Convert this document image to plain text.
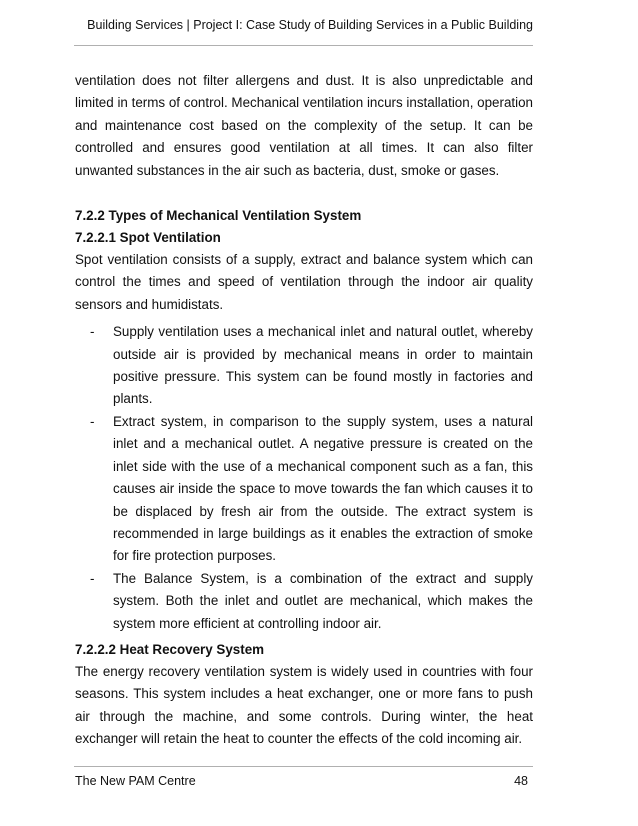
Building Services | Project I: Case Study of Building Services in a Public Building

ventilation does not filter allergens and dust. It is also unpredictable and limited in terms of control. Mechanical ventilation incurs installation, operation and maintenance cost based on the complexity of the setup. It can be controlled and ensures good ventilation at all times. It can also filter unwanted substances in the air such as bacteria, dust, smoke or gases.

7.2.2 Types of Mechanical Ventilation System

7.2.2.1 Spot Ventilation

Spot ventilation consists of a supply, extract and balance system which can control the times and speed of ventilation through the indoor air quality sensors and humidistats.

- Supply ventilation uses a mechanical inlet and natural outlet, whereby outside air is provided by mechanical means in order to maintain positive pressure. This system can be found mostly in factories and plants.
- Extract system, in comparison to the supply system, uses a natural inlet and a mechanical outlet. A negative pressure is created on the inlet side with the use of a mechanical component such as a fan, this causes air inside the space to move towards the fan which causes it to be displaced by fresh air from the outside. The extract system is recommended in large buildings as it enables the extraction of smoke for fire protection purposes.
- The Balance System, is a combination of the extract and supply system. Both the inlet and outlet are mechanical, which makes the system more efficient at controlling indoor air.

7.2.2.2 Heat Recovery System

The energy recovery ventilation system is widely used in countries with four seasons. This system includes a heat exchanger, one or more fans to push air through the machine, and some controls. During winter, the heat exchanger will retain the heat to counter the effects of the cold incoming air.

The New PAM Centre	48
